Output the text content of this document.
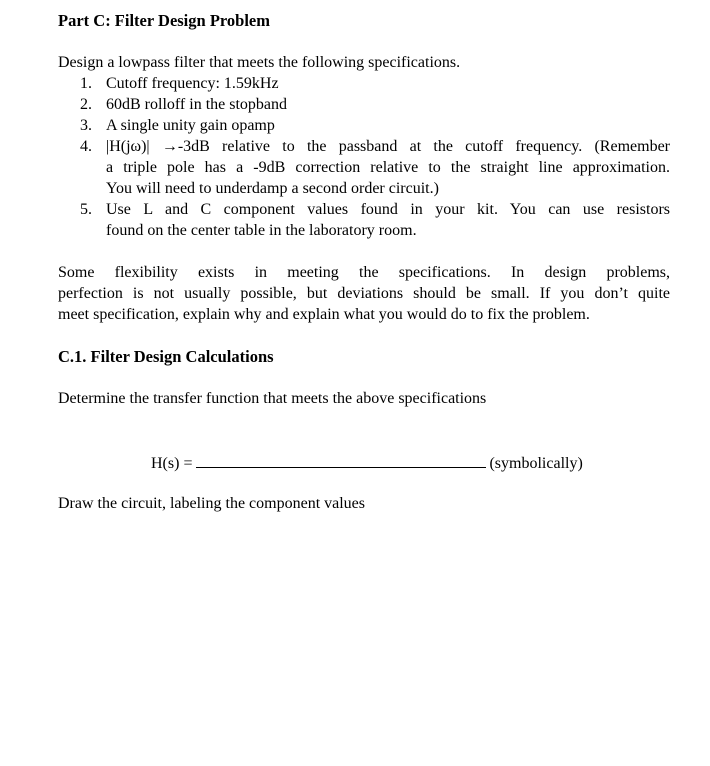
Part C: Filter Design Problem

Design a lowpass filter that meets the following specifications.

1. Cutoff frequency: 1.59kHz
2. 60dB rolloff in the stopband
3. A single unity gain opamp
4. |H(jω)| →-3dB relative to the passband at the cutoff frequency. (Remember
a triple pole has a -9dB correction relative to the straight line approximation.
You will need to underdamp a second order circuit.)
5. Use L and C component values found in your kit. You can use resistors
found on the center table in the laboratory room.

Some flexibility exists in meeting the specifications. In design problems,
perfection is not usually possible, but deviations should be small. If you don’t quite
meet specification, explain why and explain what you would do to fix the problem.

C.1. Filter Design Calculations

Determine the transfer function that meets the above specifications

H(s) =	(symbolically)

Draw the circuit, labeling the component values
